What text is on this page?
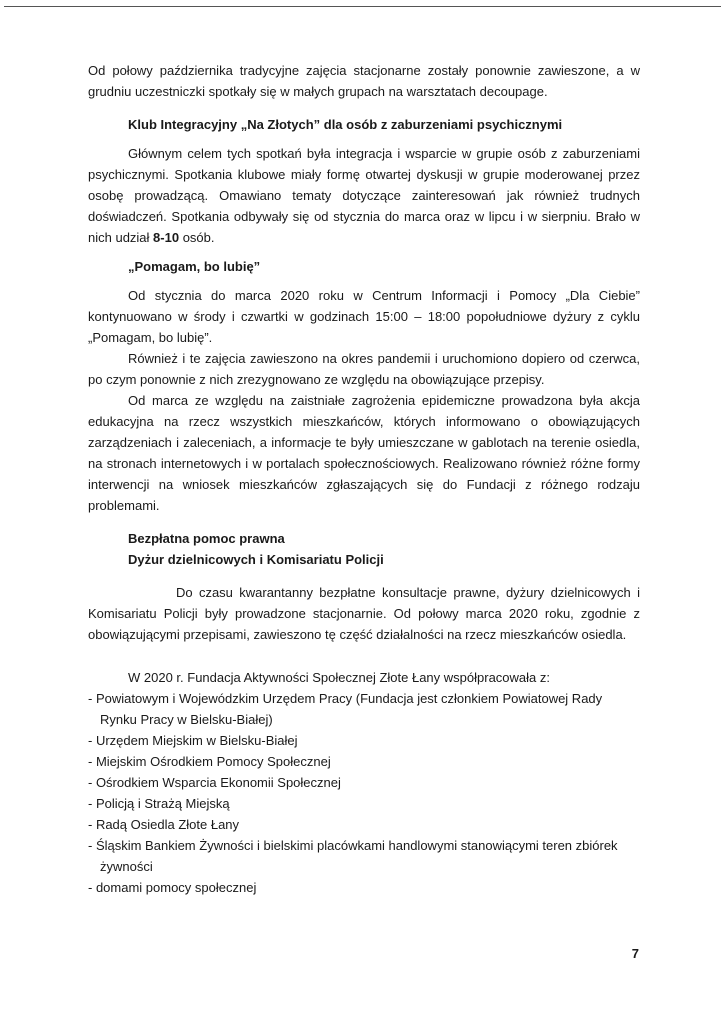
Od połowy października tradycyjne zajęcia stacjonarne zostały ponownie zawieszone, a w grudniu uczestniczki spotkały się w małych grupach na warsztatach decoupage.

Klub Integracyjny „Na Złotych” dla osób z zaburzeniami psychicznymi

Głównym celem tych spotkań była integracja i wsparcie w grupie osób z zaburzeniami psychicznymi. Spotkania klubowe miały formę otwartej dyskusji w grupie moderowanej przez osobę prowadzącą. Omawiano tematy dotyczące zainteresowań jak również trudnych doświadczeń. Spotkania odbywały się od stycznia do marca oraz w lipcu i w sierpniu. Brało w nich udział 8-10 osób.

„Pomagam, bo lubię”

Od stycznia do marca 2020 roku w Centrum Informacji i Pomocy „Dla Ciebie” kontynuowano w środy i czwartki w godzinach 15:00 – 18:00 popołudniowe dyżury z cyklu „Pomagam, bo lubię”.

Również i te zajęcia zawieszono na okres pandemii i uruchomiono dopiero od czerwca, po czym ponownie z nich zrezygnowano ze względu na obowiązujące przepisy.

Od marca ze względu na zaistniałe zagrożenia epidemiczne prowadzona była akcja edukacyjna na rzecz wszystkich mieszkańców, których informowano o obowiązujących zarządzeniach i zaleceniach, a informacje te były umieszczane w gablotach na terenie osiedla, na stronach internetowych i w portalach społecznościowych. Realizowano również różne formy interwencji na wniosek mieszkańców zgłaszających się do Fundacji z różnego rodzaju problemami.

Bezpłatna pomoc prawna

Dyżur dzielnicowych i Komisariatu Policji

Do czasu kwarantanny bezpłatne konsultacje prawne, dyżury dzielnicowych i Komisariatu Policji były prowadzone stacjonarnie. Od połowy marca 2020 roku, zgodnie z obowiązującymi przepisami, zawieszono tę część działalności na rzecz mieszkańców osiedla.

W 2020 r. Fundacja Aktywności Społecznej Złote Łany współpracowała z:

- Powiatowym i Wojewódzkim Urzędem Pracy (Fundacja jest członkiem Powiatowej Rady Rynku Pracy w Bielsku-Białej)
- Urzędem Miejskim w Bielsku-Białej
- Miejskim Ośrodkiem Pomocy Społecznej
- Ośrodkiem Wsparcia Ekonomii Społecznej
- Policją i Strażą Miejską
- Radą Osiedla Złote Łany
- Śląskim Bankiem Żywności i bielskimi placówkami handlowymi stanowiącymi teren zbiórek żywności
- domami pomocy społecznej
7
